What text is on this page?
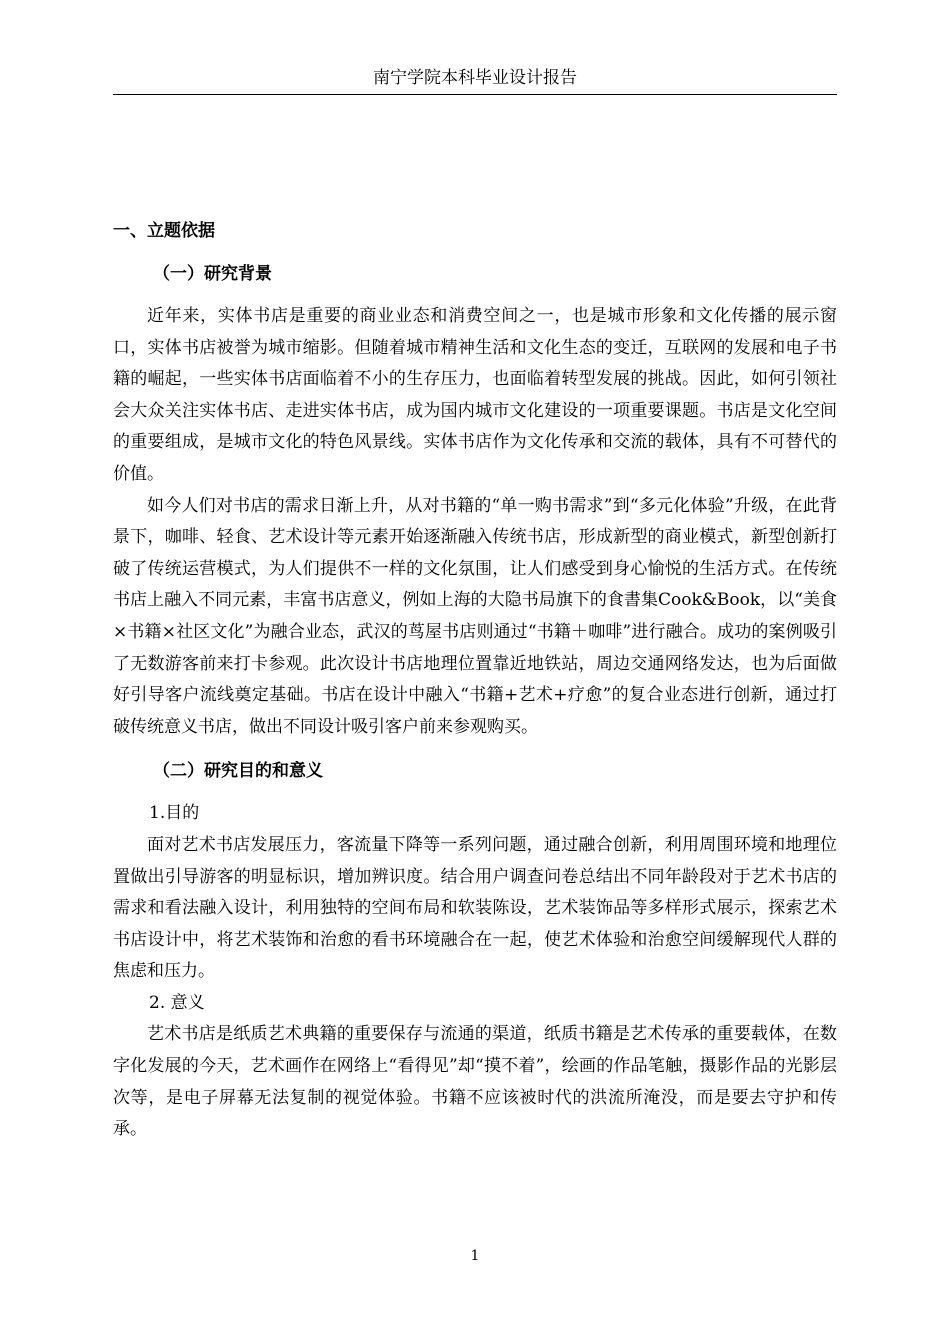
南宁学院本科毕业设计报告
一、立题依据
（一）研究背景

近年来，实体书店是重要的商业业态和消费空间之一，也是城市形象和文化传播的展示窗口，实体书店被誉为城市缩影。但随着城市精神生活和文化生态的变迁，互联网的发展和电子书籍的崛起，一些实体书店面临着不小的生存压力，也面临着转型发展的挑战。因此，如何引领社会大众关注实体书店、走进实体书店，成为国内城市文化建设的一项重要课题。书店是文化空间的重要组成，是城市文化的特色风景线。实体书店作为文化传承和交流的载体，具有不可替代的价值。

如今人们对书店的需求日渐上升，从对书籍的“单一购书需求”到“多元化体验”升级，在此背景下，咖啡、轻食、艺术设计等元素开始逐渐融入传统书店，形成新型的商业模式，新型创新打破了传统运营模式，为人们提供不一样的文化氛围，让人们感受到身心愉悦的生活方式。在传统书店上融入不同元素，丰富书店意义，例如上海的大隐书局旗下的食書集Cook&Book，以“美食×书籍×社区文化”为融合业态，武汉的茑屋书店则通过“书籍＋咖啡”进行融合。成功的案例吸引了无数游客前来打卡参观。此次设计书店地理位置靠近地铁站，周边交通网络发达，也为后面做好引导客户流线奠定基础。书店在设计中融入“书籍+艺术+疗愈”的复合业态进行创新，通过打破传统意义书店，做出不同设计吸引客户前来参观购买。

（二）研究目的和意义
1.目的

面对艺术书店发展压力，客流量下降等一系列问题，通过融合创新，利用周围环境和地理位置做出引导游客的明显标识，增加辨识度。结合用户调查问卷总结出不同年龄段对于艺术书店的需求和看法融入设计，利用独特的空间布局和软装陈设，艺术装饰品等多样形式展示，探索艺术书店设计中，将艺术装饰和治愈的看书环境融合在一起，使艺术体验和治愈空间缓解现代人群的焦虑和压力。

2. 意义

艺术书店是纸质艺术典籍的重要保存与流通的渠道，纸质书籍是艺术传承的重要载体，在数字化发展的今天，艺术画作在网络上“看得见”却“摸不着”，绘画的作品笔触，摄影作品的光影层次等，是电子屏幕无法复制的视觉体验。书籍不应该被时代的洪流所淹没，而是要去守护和传承。

1
